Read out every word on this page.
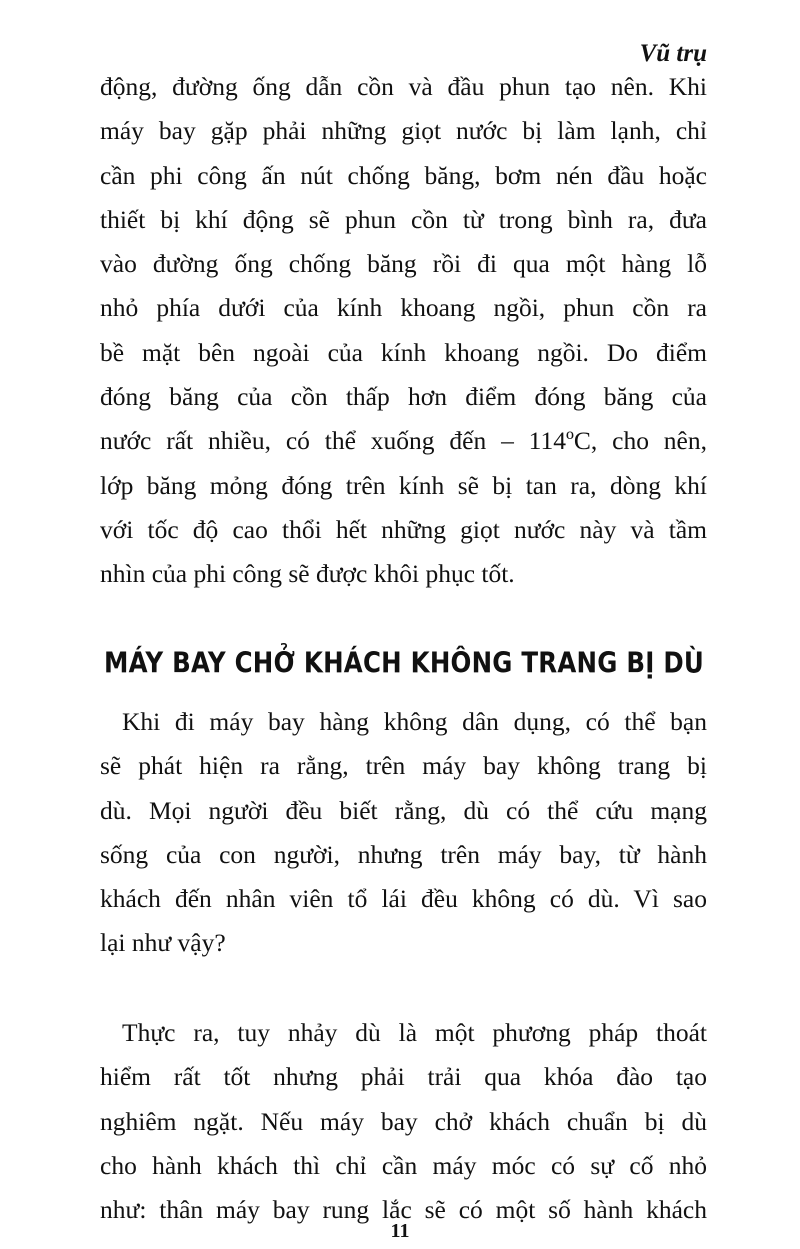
Vũ trụ
động, đường ống dẫn cồn và đầu phun tạo nên. Khi
máy bay gặp phải những giọt nước bị làm lạnh, chỉ
cần phi công ấn nút chống băng, bơm nén đầu hoặc
thiết bị khí động sẽ phun cồn từ trong bình ra, đưa
vào đường ống chống băng rồi đi qua một hàng lỗ
nhỏ phía dưới của kính khoang ngồi, phun cồn ra
bề mặt bên ngoài của kính khoang ngồi. Do điểm
đóng băng của cồn thấp hơn điểm đóng băng của
nước rất nhiều, có thể xuống đến – 114ºC, cho nên,
lớp băng mỏng đóng trên kính sẽ bị tan ra, dòng khí
với tốc độ cao thổi hết những giọt nước này và tầm
nhìn của phi công sẽ được khôi phục tốt.
MÁY BAY CHỞ KHÁCH KHÔNG TRANG BỊ DÙ
Khi đi máy bay hàng không dân dụng, có thể bạn
sẽ phát hiện ra rằng, trên máy bay không trang bị
dù. Mọi người đều biết rằng, dù có thể cứu mạng
sống của con người, nhưng trên máy bay, từ hành
khách đến nhân viên tổ lái đều không có dù. Vì sao
lại như vậy?
Thực ra, tuy nhảy dù là một phương pháp thoát
hiểm rất tốt nhưng phải trải qua khóa đào tạo
nghiêm ngặt. Nếu máy bay chở khách chuẩn bị dù
cho hành khách thì chỉ cần máy móc có sự cố nhỏ
như: thân máy bay rung lắc sẽ có một số hành khách
11
